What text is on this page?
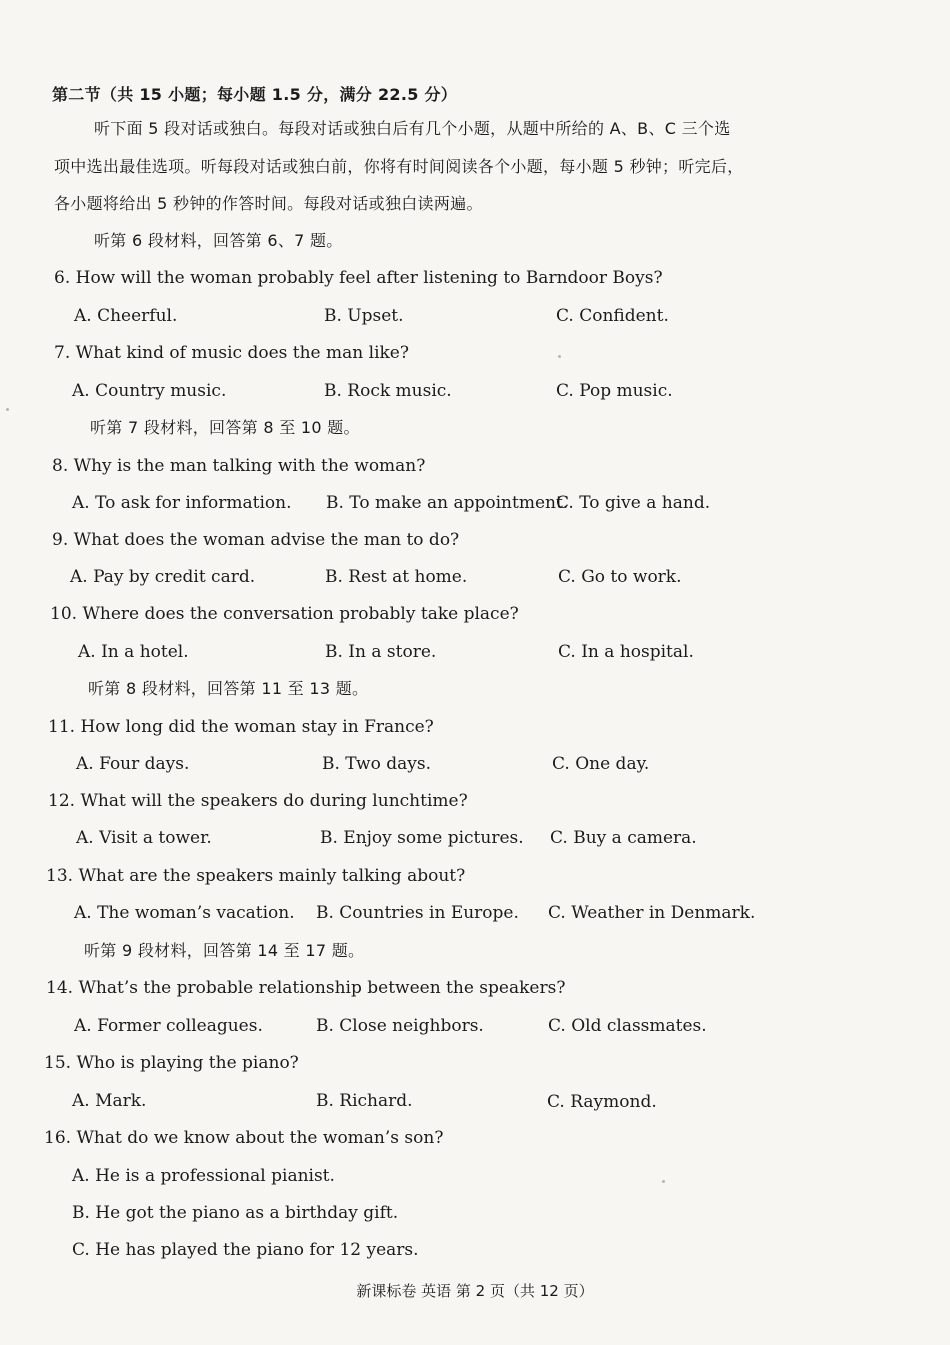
第二节（共 15 小题；每小题 1.5 分，满分 22.5 分）
听下面 5 段对话或独白。每段对话或独白后有几个小题，从题中所给的 A、B、C 三个选
项中选出最佳选项。听每段对话或独白前，你将有时间阅读各个小题，每小题 5 秒钟；听完后，
各小题将给出 5 秒钟的作答时间。每段对话或独白读两遍。
听第 6 段材料，回答第 6、7 题。
6. How will the woman probably feel after listening to Barndoor Boys?
A. Cheerful.	B. Upset.	C. Confident.
7. What kind of music does the man like?
A. Country music.	B. Rock music.	C. Pop music.
听第 7 段材料，回答第 8 至 10 题。
8. Why is the man talking with the woman?
A. To ask for information. B. To make an appointment.
C. To give a hand.
9. What does the woman advise the man to do?
A. Pay by credit card.	B. Rest at home.	C. Go to work.
10. Where does the conversation probably take place?
A. In a hotel.	B. In a store.	C. In a hospital.
听第 8 段材料，回答第 11 至 13 题。
11. How long did the woman stay in France?
A. Four days.	B. Two days.	C. One day.
12. What will the speakers do during lunchtime?
A. Visit a tower.	B. Enjoy some pictures. C. Buy a camera.
13. What are the speakers mainly talking about?
A. The woman’s vacation. B. Countries in Europe. C. Weather in Denmark.
听第 9 段材料，回答第 14 至 17 题。
14. What’s the probable relationship between the speakers?
A. Former colleagues.	B. Close neighbors.	C. Old classmates.
15. Who is playing the piano?
A. Mark.	B. Richard.	C. Raymond.
16. What do we know about the woman’s son?
A. He is a professional pianist.
B. He got the piano as a birthday gift.
C. He has played the piano for 12 years.
新课标卷 英语 第 2 页（共 12 页）
